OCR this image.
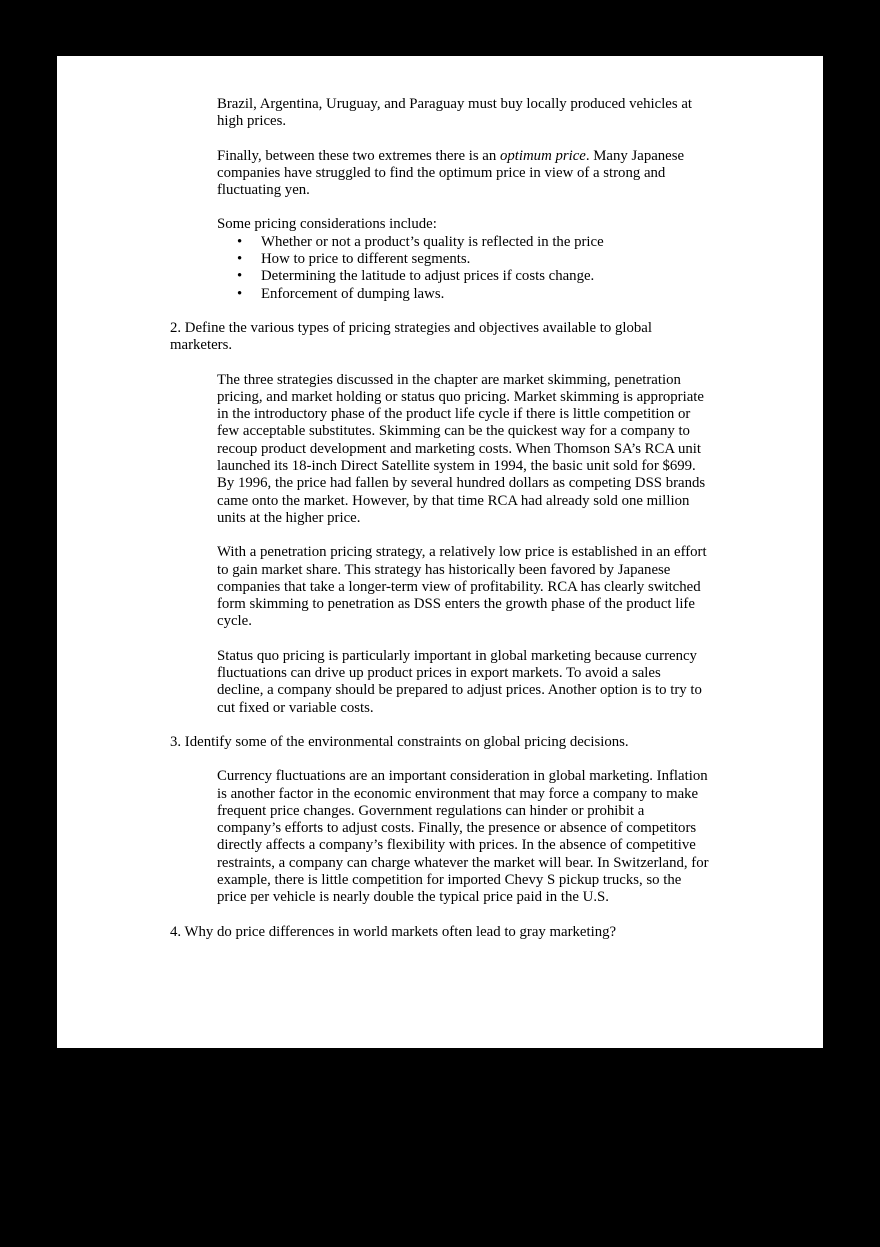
Brazil, Argentina, Uruguay, and Paraguay must buy locally produced vehicles at high prices.

Finally, between these two extremes there is an optimum price. Many Japanese companies have struggled to find the optimum price in view of a strong and fluctuating yen.

Some pricing considerations include:

•	Whether or not a product’s quality is reflected in the price
•	How to price to different segments.
•	Determining the latitude to adjust prices if costs change.
•	Enforcement of dumping laws.

2. Define the various types of pricing strategies and objectives available to global marketers.

The three strategies discussed in the chapter are market skimming, penetration pricing, and market holding or status quo pricing. Market skimming is appropriate in the introductory phase of the product life cycle if there is little competition or few acceptable substitutes. Skimming can be the quickest way for a company to recoup product development and marketing costs. When Thomson SA’s RCA unit launched its 18-inch Direct Satellite system in 1994, the basic unit sold for $699. By 1996, the price had fallen by several hundred dollars as competing DSS brands came onto the market. However, by that time RCA had already sold one million units at the higher price.

With a penetration pricing strategy, a relatively low price is established in an effort to gain market share. This strategy has historically been favored by Japanese companies that take a longer-term view of profitability. RCA has clearly switched form skimming to penetration as DSS enters the growth phase of the product life cycle.

Status quo pricing is particularly important in global marketing because currency fluctuations can drive up product prices in export markets. To avoid a sales decline, a company should be prepared to adjust prices. Another option is to try to cut fixed or variable costs.

3. Identify some of the environmental constraints on global pricing decisions.

Currency fluctuations are an important consideration in global marketing. Inflation is another factor in the economic environment that may force a company to make frequent price changes. Government regulations can hinder or prohibit a company’s efforts to adjust costs. Finally, the presence or absence of competitors directly affects a company’s flexibility with prices. In the absence of competitive restraints, a company can charge whatever the market will bear. In Switzerland, for example, there is little competition for imported Chevy S pickup trucks, so the price per vehicle is nearly double the typical price paid in the U.S.

4. Why do price differences in world markets often lead to gray marketing?
